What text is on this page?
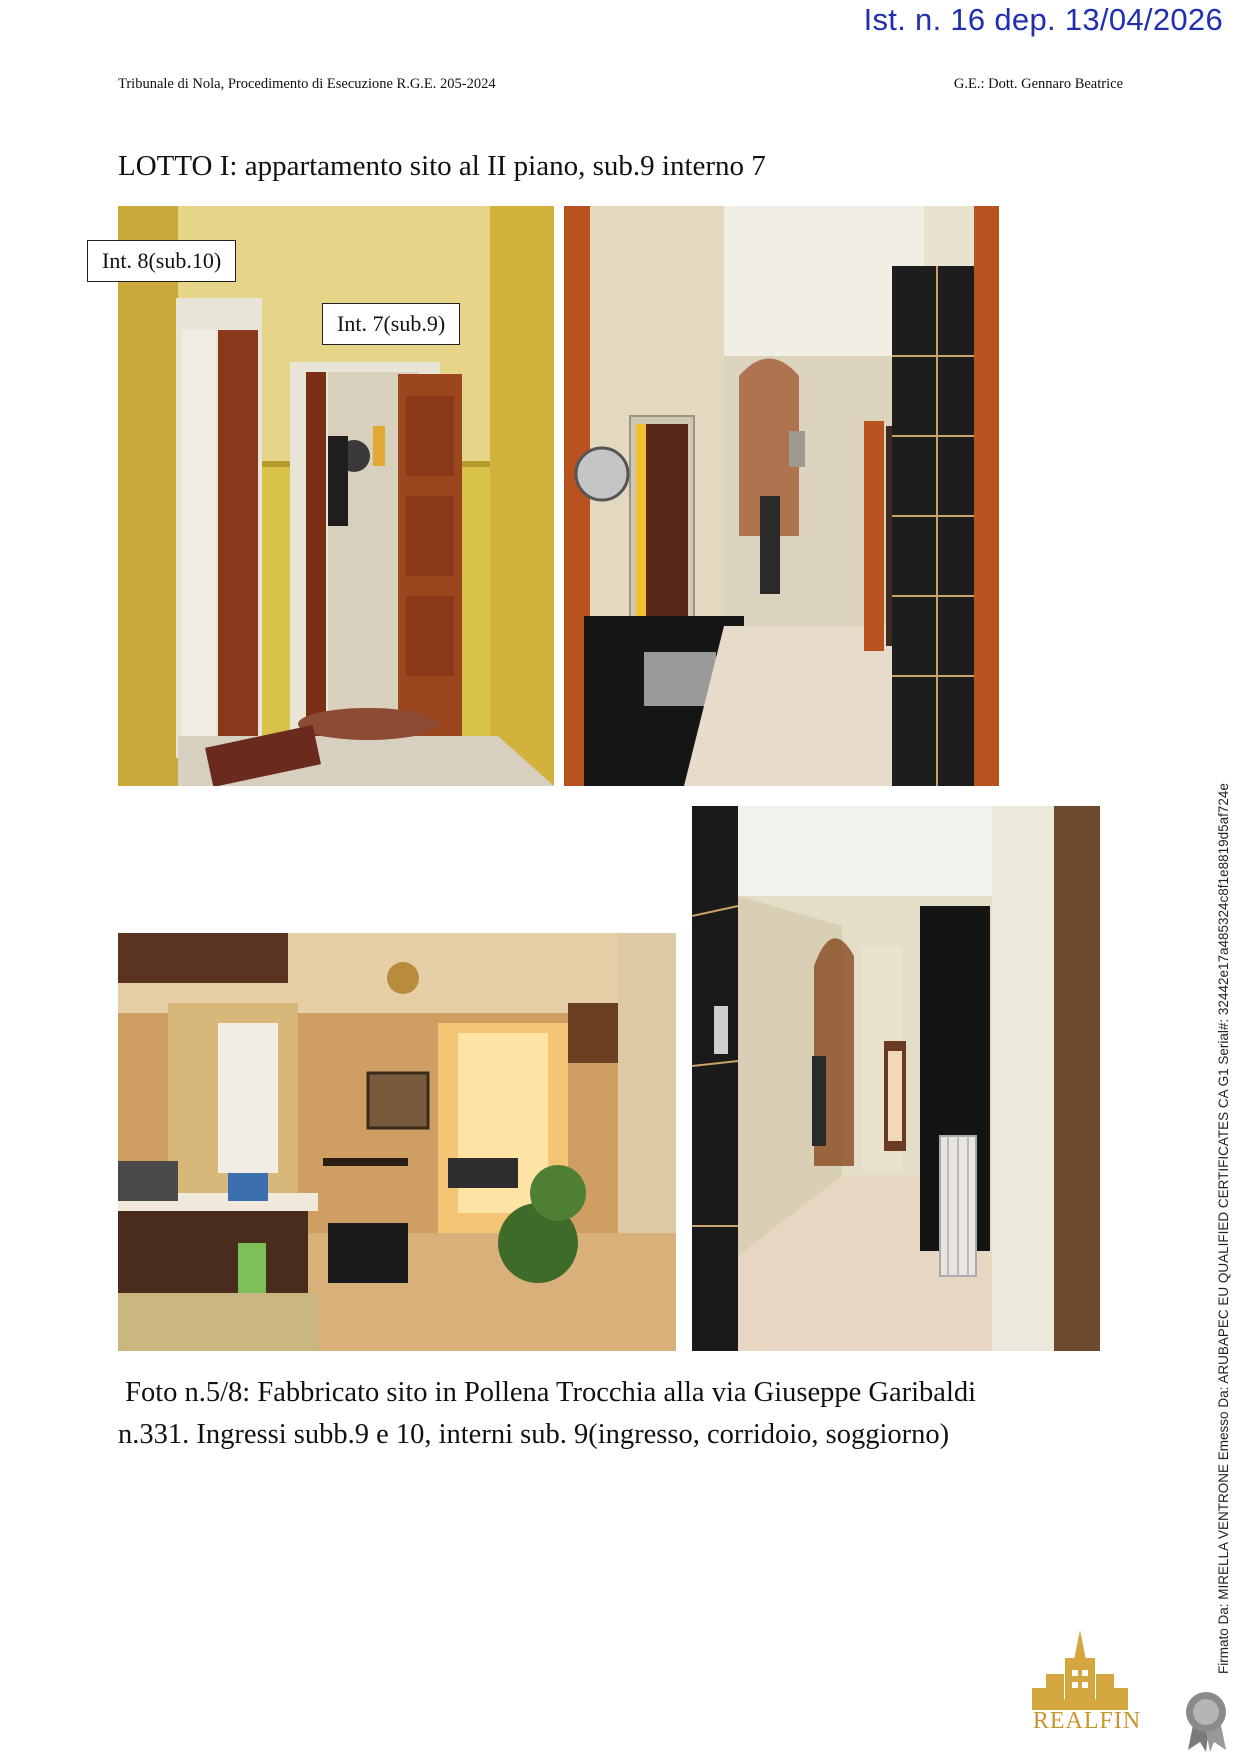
Ist. n. 16 dep. 13/04/2026
Tribunale di Nola, Procedimento di Esecuzione R.G.E. 205-2024	G.E.: Dott. Gennaro Beatrice
LOTTO I: appartamento sito al II piano, sub.9 interno 7
Int. 8(sub.10)
Int. 7(sub.9)
Foto n.5/8: Fabbricato sito in Pollena Trocchia alla via Giuseppe Garibaldi
n.331. Ingressi subb.9 e 10, interni sub. 9(ingresso, corridoio, soggiorno)	Firmato Da: MIRELLA VENTRONE Emesso Da: ARUBAPEC EU QUALIFIED CERTIFICATES CA G1 Serial#: 32442e17a485324c8f1e8819d5af724e
REALFIN
